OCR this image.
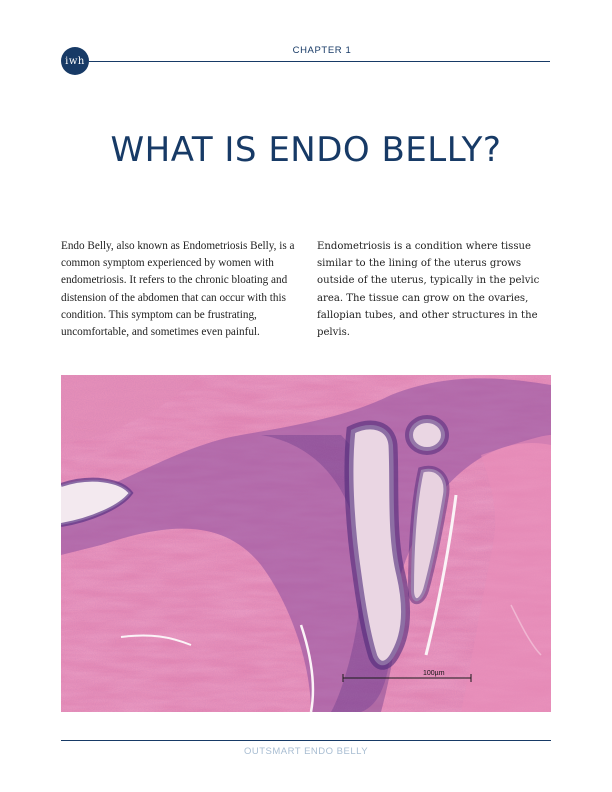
iwh
CHAPTER 1
WHAT IS ENDO BELLY?
Endo Belly, also known as Endometriosis Belly, is a common symptom experienced by women with endometriosis. It refers to the chronic bloating and distension of the abdomen that can occur with this condition. This symptom can be frustrating, uncomfortable, and sometimes even painful.
Endometriosis is a condition where tissue similar to the lining of the uterus grows outside of the uterus, typically in the pelvic area. The tissue can grow on the ovaries, fallopian tubes, and other structures in the pelvis.
100µm
OUTSMART ENDO BELLY
